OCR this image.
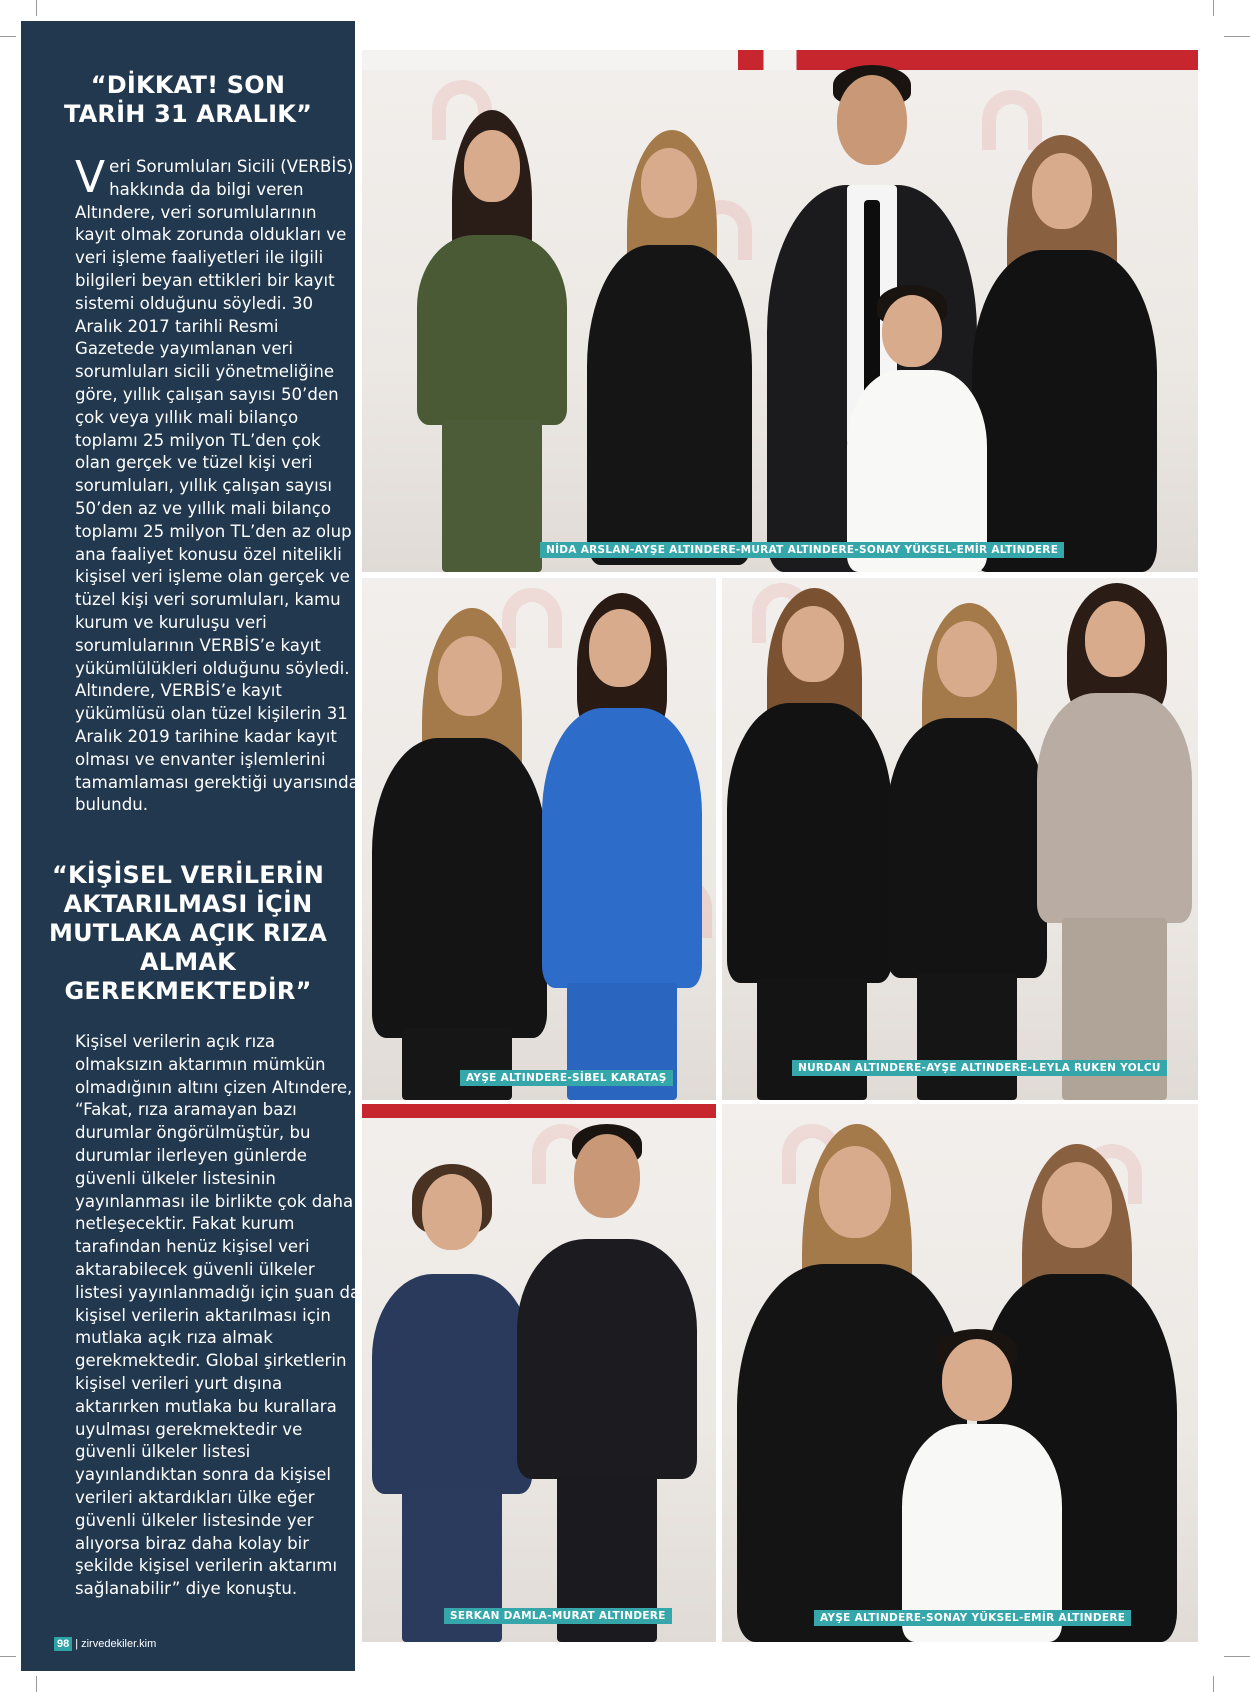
“DİKKAT! SON TARİH 31 ARALIK”
Veri Sorumluları Sicili (VERBİS) hakkında da bilgi veren Altındere, veri sorumlularının kayıt olmak zorunda oldukları ve veri işleme faaliyetleri ile ilgili bilgileri beyan ettikleri bir kayıt sistemi olduğunu söyledi. 30 Aralık 2017 tarihli Resmi Gazetede yayımlanan veri sorumluları sicili yönetmeliğine göre, yıllık çalışan sayısı 50’den çok veya yıllık mali bilanço toplamı 25 milyon TL’den çok olan gerçek ve tüzel kişi veri sorumluları, yıllık çalışan sayısı 50’den az ve yıllık mali bilanço toplamı 25 milyon TL’den az olup ana faaliyet konusu özel nitelikli kişisel veri işleme olan gerçek ve tüzel kişi veri sorumluları, kamu kurum ve kuruluşu veri sorumlularının VERBİS’e kayıt yükümlülükleri olduğunu söyledi. Altındere, VERBİS’e kayıt yükümlüsü olan tüzel kişilerin 31 Aralık 2019 tarihine kadar kayıt olması ve envanter işlemlerini tamamlaması gerektiği uyarısında bulundu.
“KİŞİSEL VERİLERİN AKTARILMASI İÇİN MUTLAKA AÇIK RIZA ALMAK GEREKMEKTEDİR”
Kişisel verilerin açık rıza olmaksızın aktarımın mümkün olmadığının altını çizen Altındere, “Fakat, rıza aramayan bazı durumlar öngörülmüştür, bu durumlar ilerleyen günlerde güvenli ülkeler listesinin yayınlanması ile birlikte çok daha netleşecektir. Fakat kurum tarafından henüz kişisel veri aktarabilecek güvenli ülkeler listesi yayınlanmadığı için şuan da kişisel verilerin aktarılması için mutlaka açık rıza almak gerekmektedir. Global şirketlerin kişisel verileri yurt dışına aktarırken mutlaka bu kurallara uyulması gerekmektedir ve güvenli ülkeler listesi yayınlandıktan sonra da kişisel verileri aktardıkları ülke eğer güvenli ülkeler listesinde yer alıyorsa biraz daha kolay bir şekilde kişisel verilerin aktarımı sağlanabilir” diye konuştu.
98 | zirvedekiler.kim
NİDA ARSLAN-AYŞE ALTINDERE-MURAT ALTINDERE-SONAY YÜKSEL-EMİR ALTINDERE
AYŞE ALTINDERE-SİBEL KARATAŞ
NURDAN ALTINDERE-AYŞE ALTINDERE-LEYLA RUKEN YOLCU
SERKAN DAMLA-MURAT ALTINDERE	AYŞE ALTINDERE-SONAY YÜKSEL-EMİR ALTINDERE
